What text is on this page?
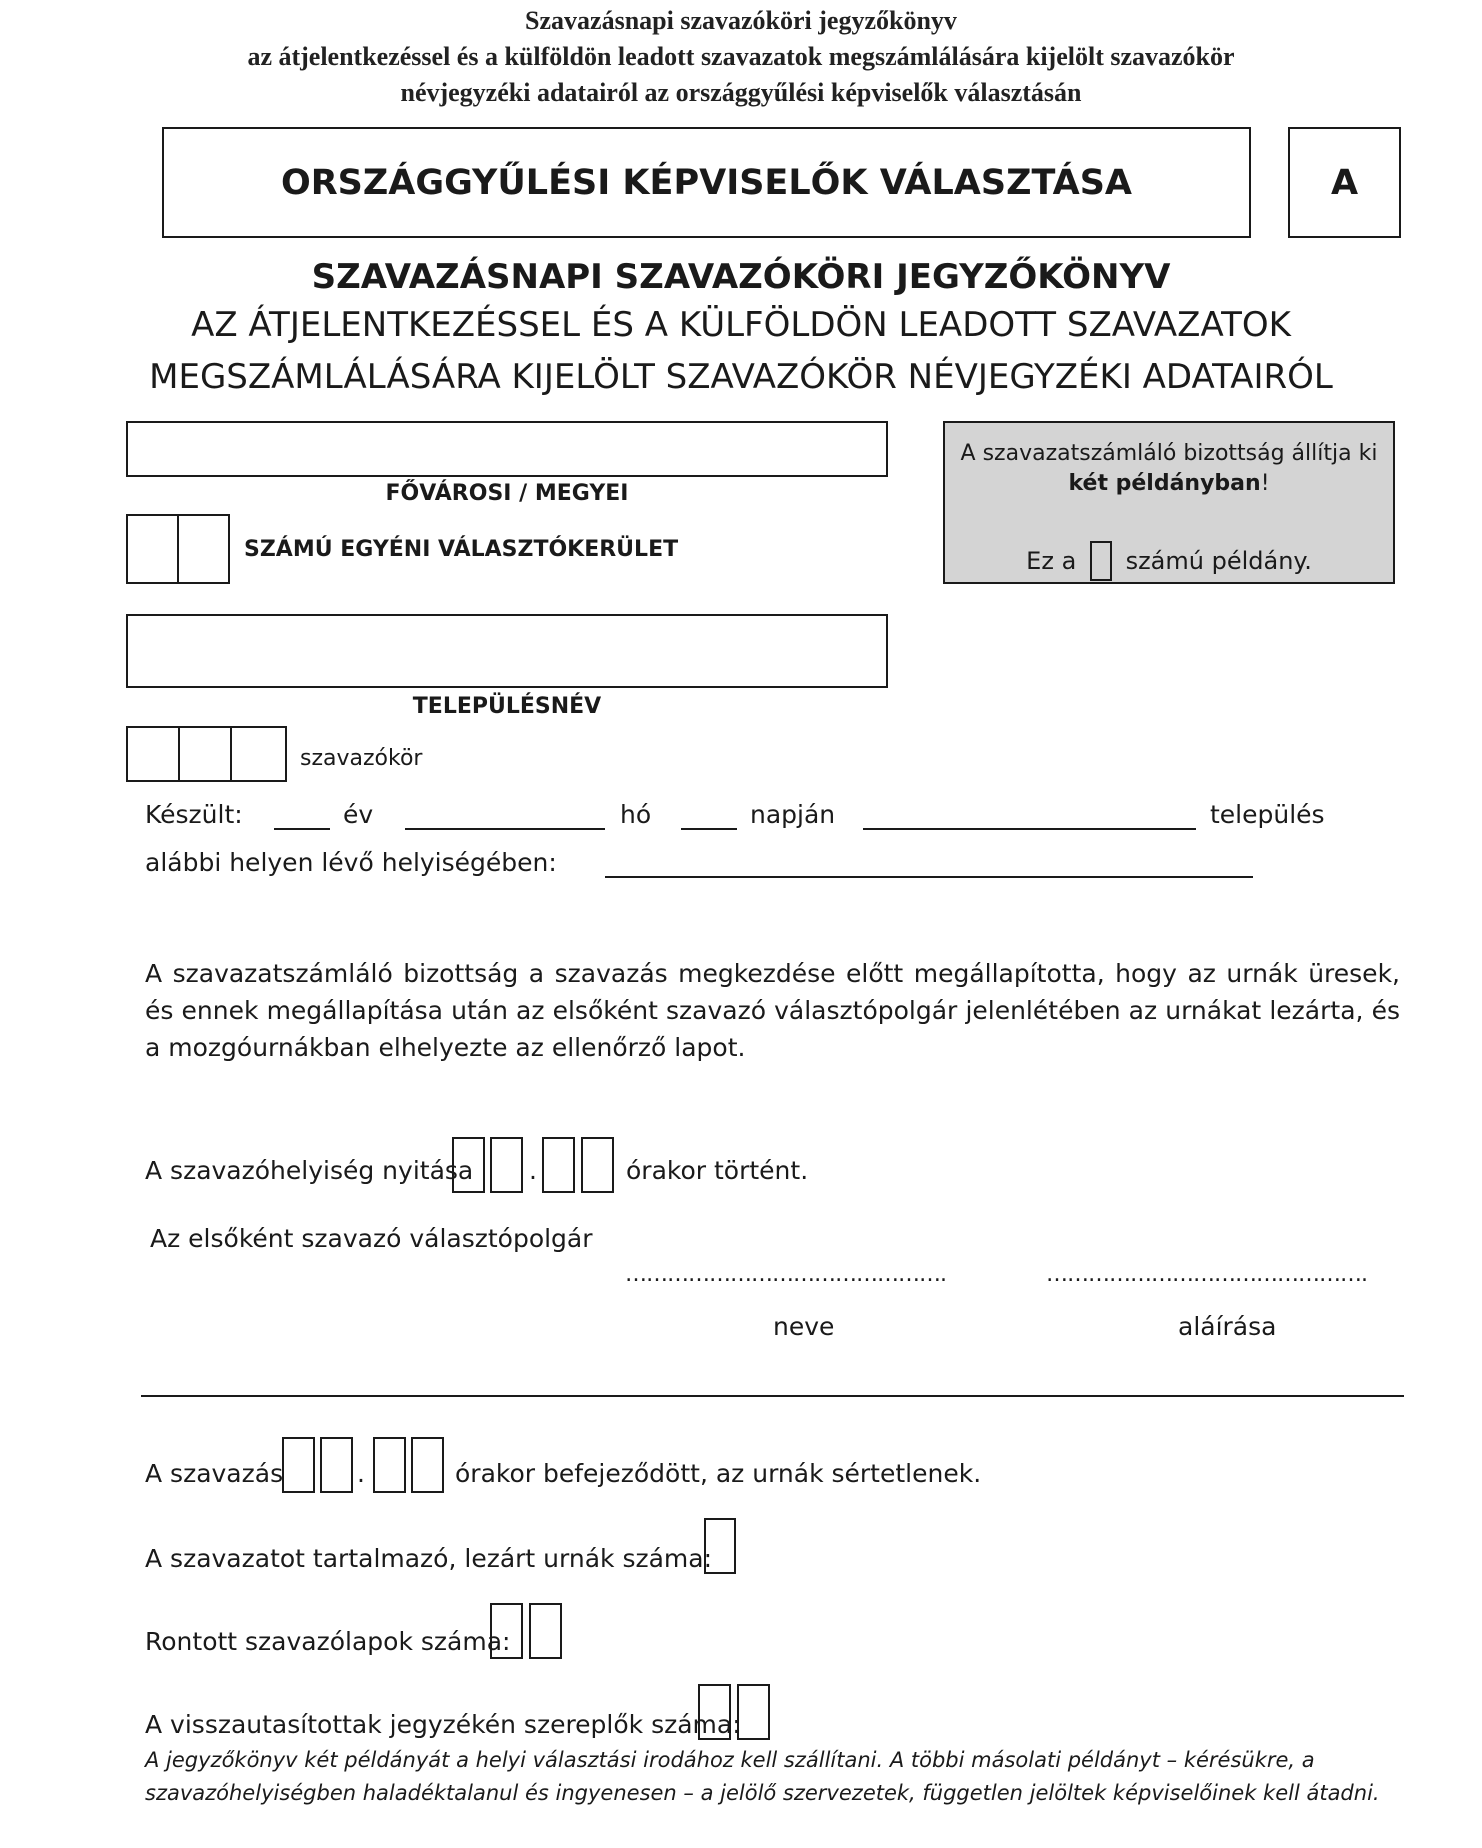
Szavazásnapi szavazóköri jegyzőkönyv
az átjelentkezéssel és a külföldön leadott szavazatok megszámlálására kijelölt szavazókör
névjegyzéki adatairól az országgyűlési képviselők választásán
ORSZÁGGYŰLÉSI KÉPVISELŐK VÁLASZTÁSA	A
SZAVAZÁSNAPI SZAVAZÓKÖRI JEGYZŐKÖNYV
AZ ÁTJELENTKEZÉSSEL ÉS A KÜLFÖLDÖN LEADOTT SZAVAZATOK
MEGSZÁMLÁLÁSÁRA KIJELÖLT SZAVAZÓKÖR NÉVJEGYZÉKI ADATAIRÓL
FŐVÁROSI / MEGYEI
SZÁMÚ EGYÉNI VÁLASZTÓKERÜLET
A szavazatszámláló bizottság állítja ki
két példányban!
Ez a számú példány.
TELEPÜLÉSNÉV
szavazókör
Készült:	év	hó	napján	település
alábbi helyen lévő helyiségében:
A szavazatszámláló bizottság a szavazás megkezdése előtt megállapította, hogy az urnák üresek, és ennek megállapítása után az elsőként szavazó választópolgár jelenlétében az urnákat lezárta, és a mozgóurnákban elhelyezte az ellenőrző lapot.
A szavazóhelyiség nyitása .	órakor történt.
Az elsőként szavazó választópolgár
……………………………………….	……………………………………….
neve	aláírása
A szavazás	.	órakor befejeződött, az urnák sértetlenek.
A szavazatot tartalmazó, lezárt urnák száma:
Rontott szavazólapok száma:
A visszautasítottak jegyzékén szereplők száma:
A jegyzőkönyv két példányát a helyi választási irodához kell szállítani. A többi másolati példányt – kérésükre, a
szavazóhelyiségben haladéktalanul és ingyenesen – a jelölő szervezetek, független jelöltek képviselőinek kell átadni.
